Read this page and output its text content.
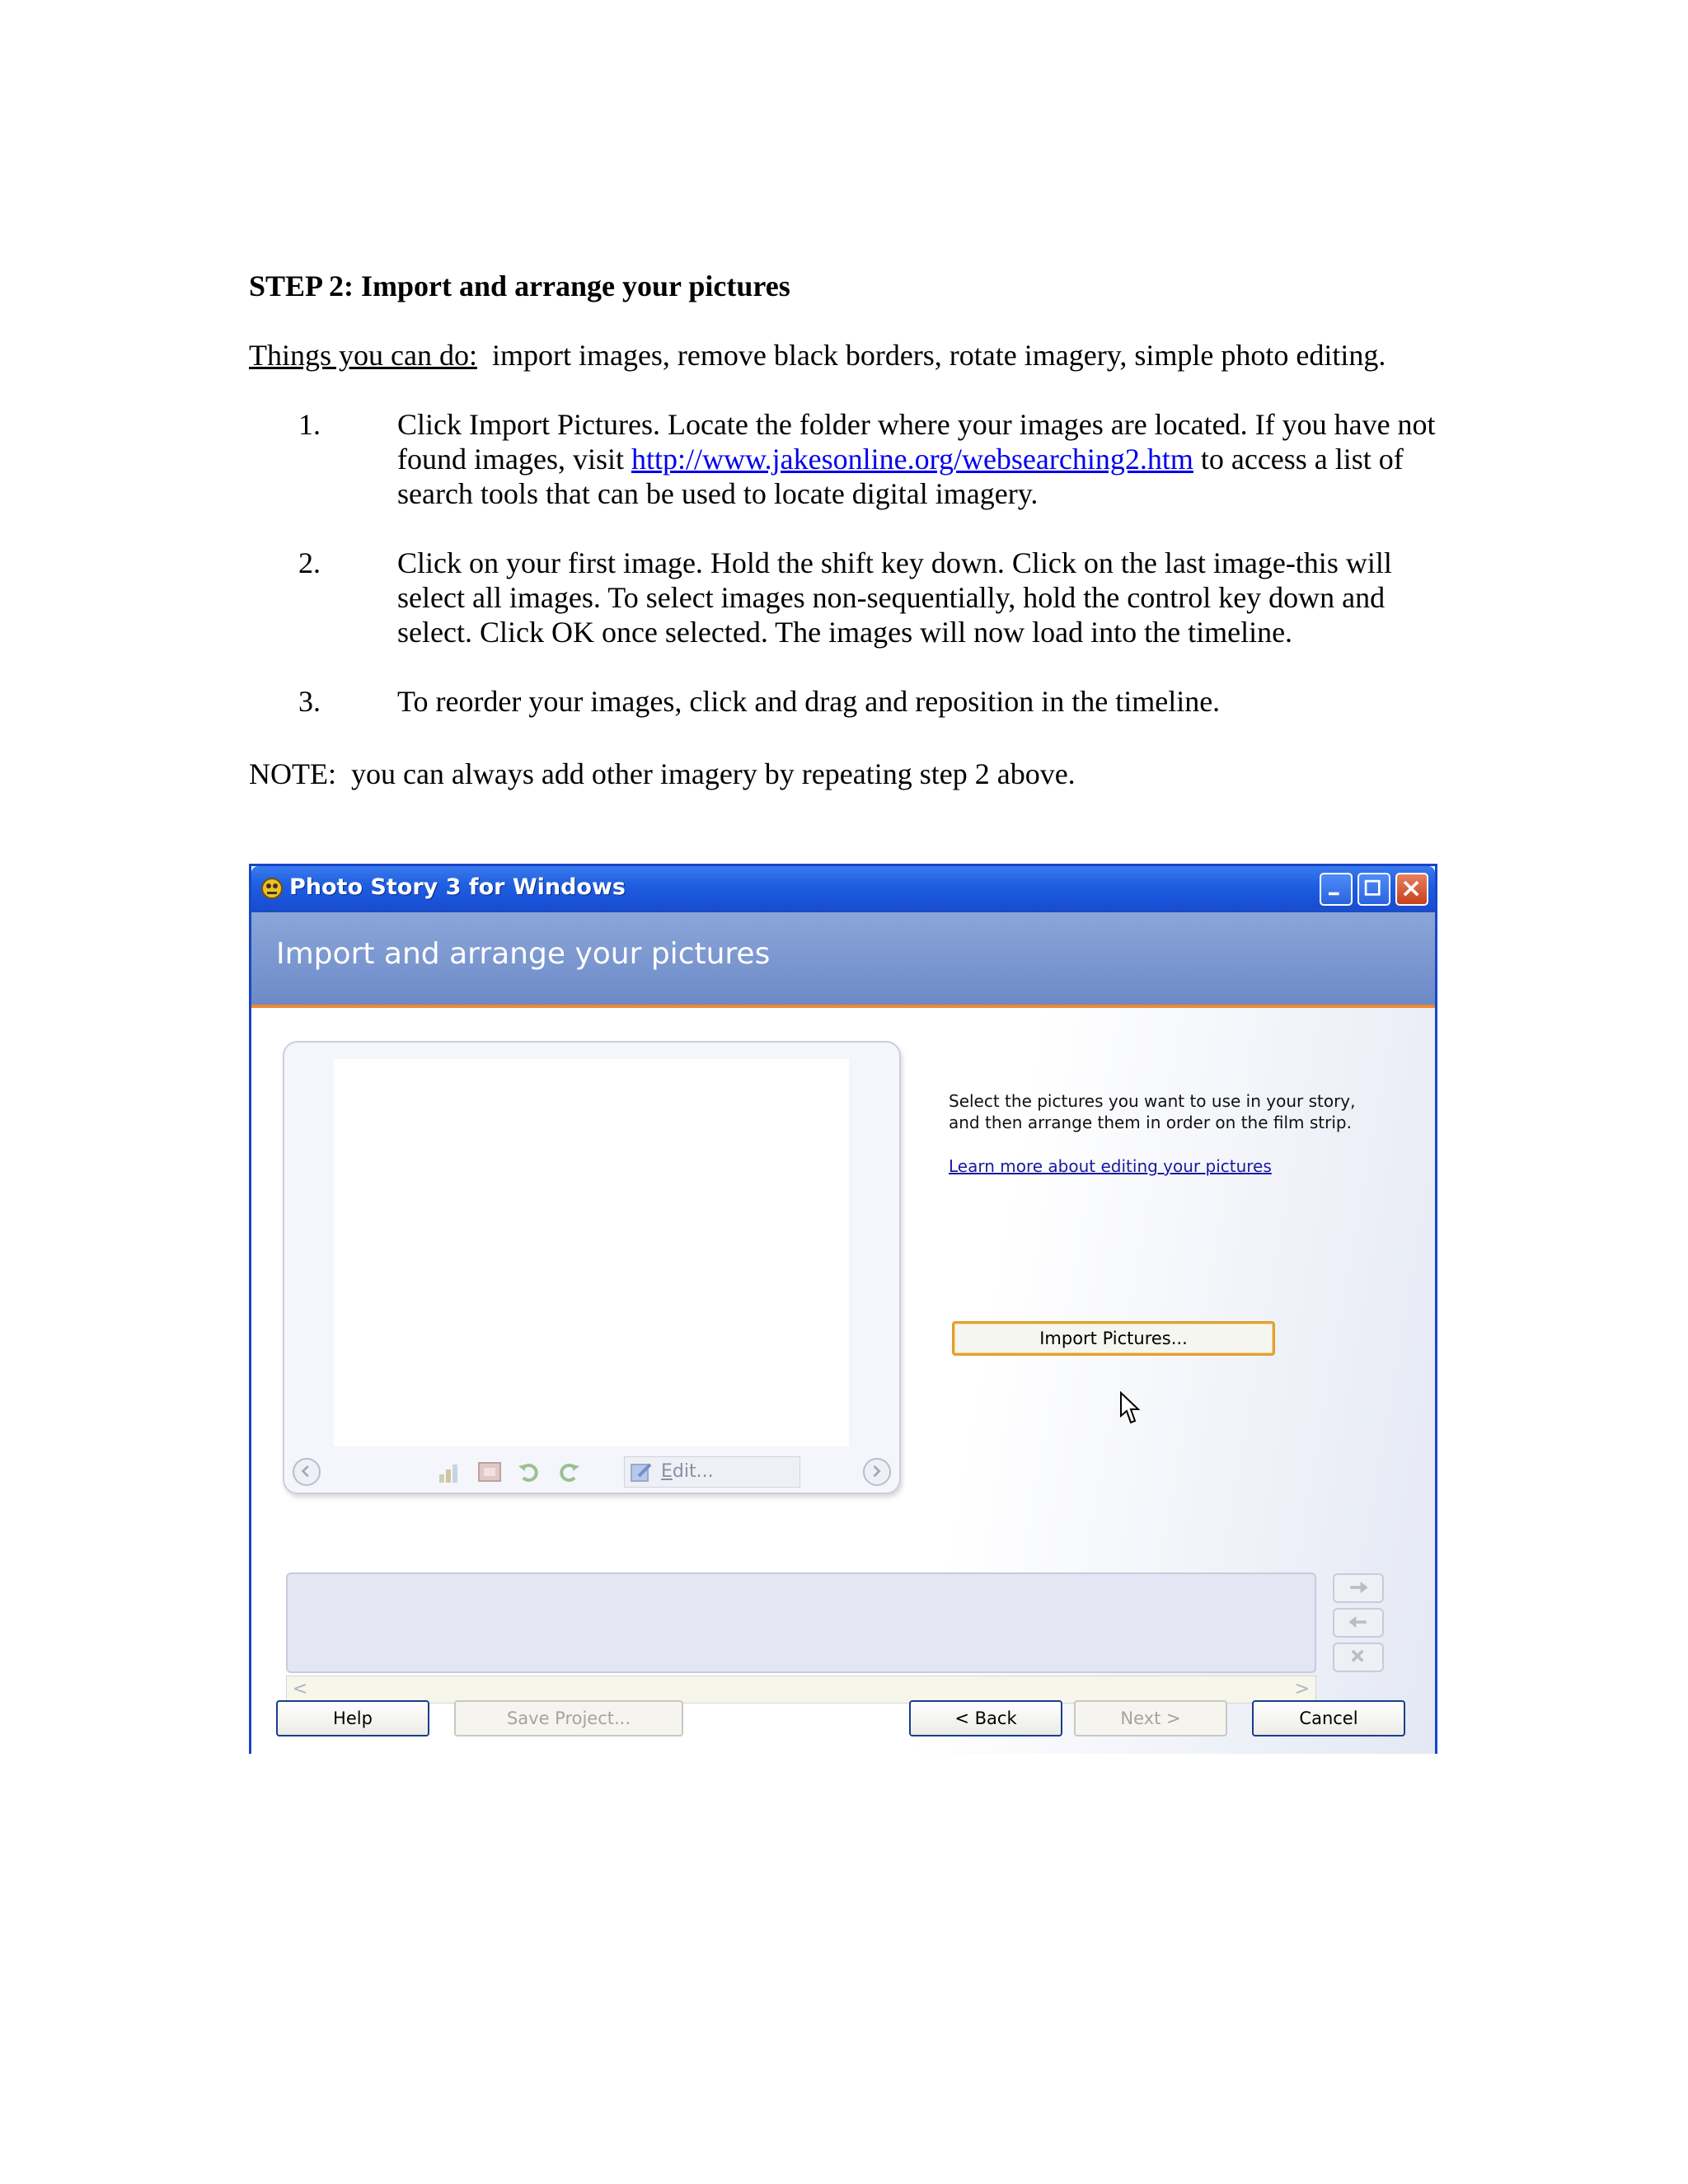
STEP 2: Import and arrange your pictures
Things you can do:  import images, remove black borders, rotate imagery, simple photo editing.
1.	Click Import Pictures. Locate the folder where your images are located. If you have not
found images, visit http://www.jakesonline.org/websearching2.htm to access a list of
search tools that can be used to locate digital imagery.
2.	Click on your first image. Hold the shift key down. Click on the last image-this will
select all images. To select images non-sequentially, hold the control key down and
select. Click OK once selected. The images will now load into the timeline.
3.	To reorder your images, click and drag and reposition in the timeline.
NOTE:  you can always add other imagery by repeating step 2 above.
Photo Story 3 for Windows
Import and arrange your pictures
Edit...
Select the pictures you want to use in your story,
and then arrange them in order on the film strip.
Learn more about editing your pictures
Import Pictures...
<	>
Help	Save Project...	< Back	Next >	Cancel
